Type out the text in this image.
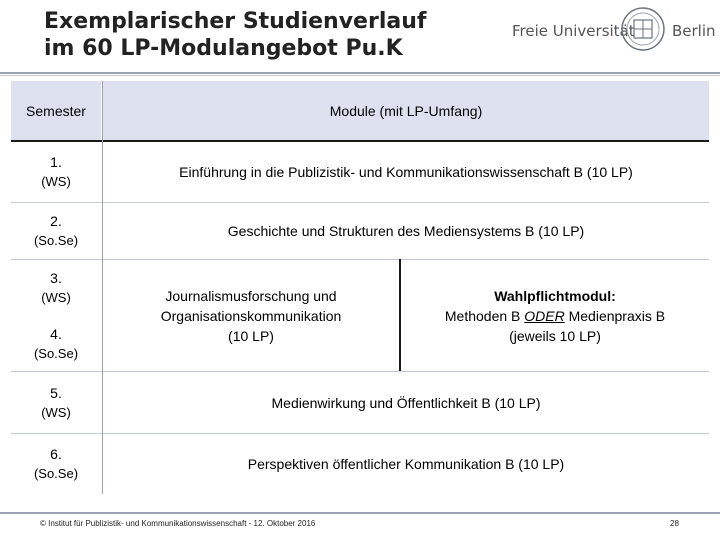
Exemplarischer Studienverlauf
im 60 LP-Modulangebot Pu.K
Freie Universität Berlin
Semester	Module (mit LP-Umfang)
1.
(WS)
Einführung in die Publizistik- und Kommunikationswissenschaft B (10 LP)
2.
(So.Se)
Geschichte und Strukturen des Mediensystems B (10 LP)
3.
(WS)
4.
(So.Se)
Journalismusforschung und
Organisationskommunikation
(10 LP)
Wahlpflichtmodul:
Methoden B ODER Medienpraxis B
(jeweils 10 LP)
5.
(WS)
Medienwirkung und Öffentlichkeit B (10 LP)
6.
(So.Se)
Perspektiven öffentlicher Kommunikation B (10 LP)
© Institut für Publizistik- und Kommunikationswissenschaft - 12. Oktober 2016	28
